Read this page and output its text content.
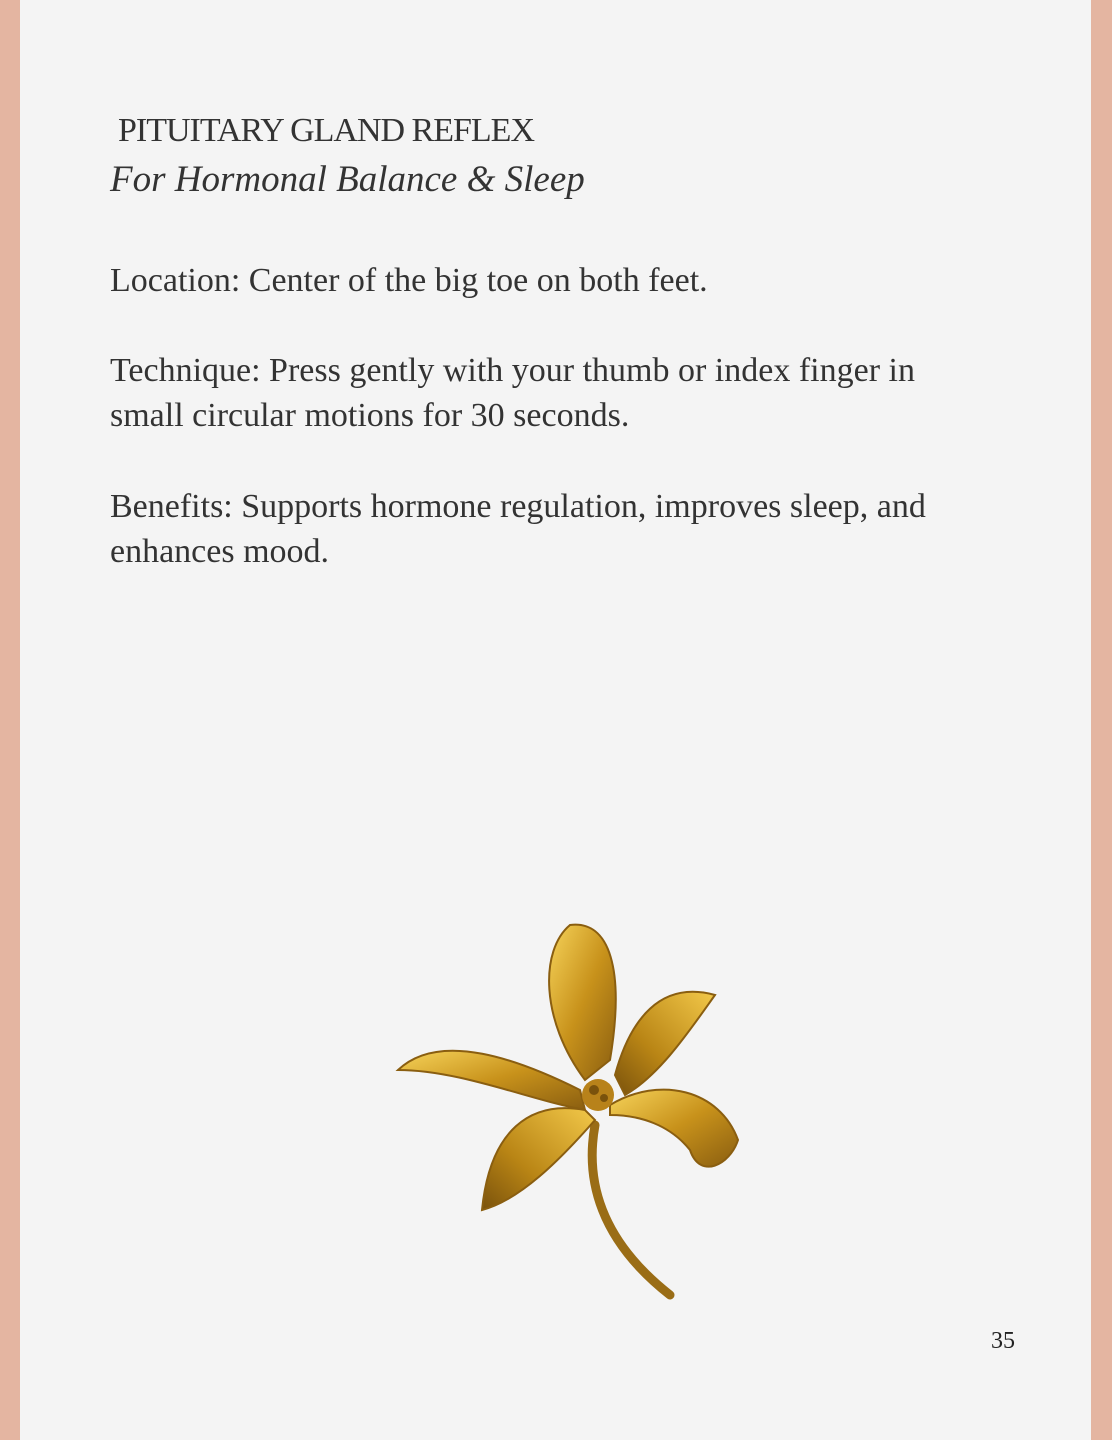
PITUITARY GLAND REFLEX
For Hormonal Balance & Sleep
Location: Center of the big toe on both feet.
Technique: Press gently with your thumb or index finger in small circular motions for 30 seconds.
Benefits: Supports hormone regulation, improves sleep, and enhances mood.
35
